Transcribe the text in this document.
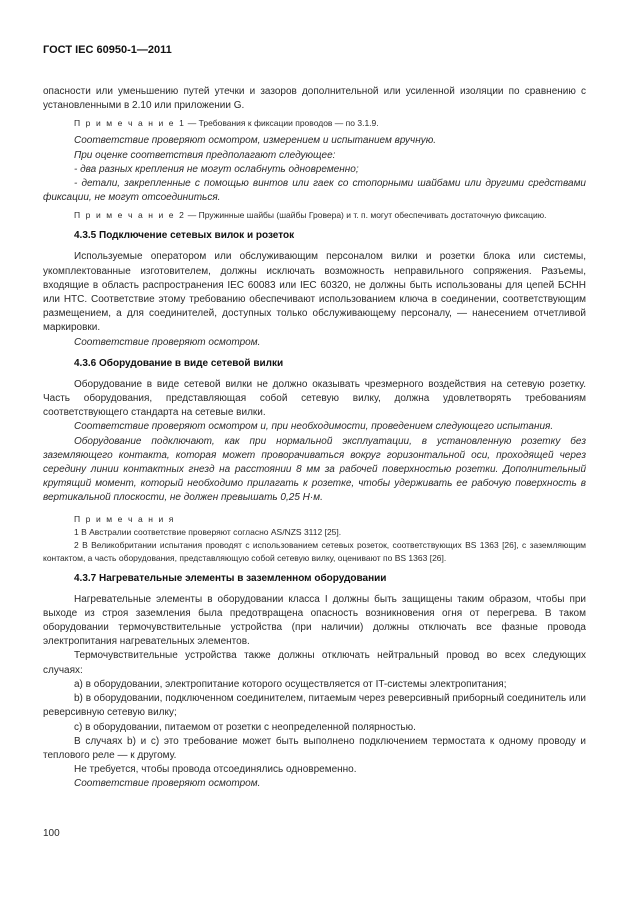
ГОСТ IEC 60950-1—2011

опасности или уменьшению путей утечки и зазоров дополнительной или усиленной изоляции по сравнению с установленными в 2.10 или приложении G.

П р и м е ч а н и е 1 — Требования к фиксации проводов — по 3.1.9.

Соответствие проверяют осмотром, измерением и испытанием вручную.

При оценке соответствия предполагают следующее:

- два разных крепления не могут ослабнуть одновременно;

- детали, закрепленные с помощью винтов или гаек со стопорными шайбами или другими средствами фиксации, не могут отсоединиться.

П р и м е ч а н и е 2 — Пружинные шайбы (шайбы Гровера) и т. п. могут обеспечивать достаточную фиксацию.

4.3.5 Подключение сетевых вилок и розеток

Используемые оператором или обслуживающим персоналом вилки и розетки блока или системы, укомплектованные изготовителем, должны исключать возможность неправильного сопряжения. Разъемы, входящие в область распространения IEC 60083 или IEC 60320, не должны быть использованы для цепей БСНН или НТС. Соответствие этому требованию обеспечивают использованием ключа в соединении, соответствующим размещением, а для соединителей, доступных только обслуживающему персоналу, — нанесением отчетливой маркировки.

Соответствие проверяют осмотром.

4.3.6 Оборудование в виде сетевой вилки

Оборудование в виде сетевой вилки не должно оказывать чрезмерного воздействия на сетевую розетку. Часть оборудования, представляющая собой сетевую вилку, должна удовлетворять требованиям соответствующего стандарта на сетевые вилки.

Соответствие проверяют осмотром и, при необходимости, проведением следующего испытания.

Оборудование подключают, как при нормальной эксплуатации, в установленную розетку без заземляющего контакта, которая может проворачиваться вокруг горизонтальной оси, проходящей через середину линии контактных гнезд на расстоянии 8 мм за рабочей поверхностью розетки. Дополнительный крутящий момент, который необходимо прилагать к розетке, чтобы удерживать ее рабочую поверхность в вертикальной плоскости, не должен превышать 0,25 Н·м.

П р и м е ч а н и я

1 В Австралии соответствие проверяют согласно AS/NZS 3112 [25].

2 В Великобритании испытания проводят с использованием сетевых розеток, соответствующих BS 1363 [26], с заземляющим контактом, а часть оборудования, представляющую собой сетевую вилку, оценивают по BS 1363 [26].

4.3.7 Нагревательные элементы в заземленном оборудовании

Нагревательные элементы в оборудовании класса I должны быть защищены таким образом, чтобы при выходе из строя заземления была предотвращена опасность возникновения огня от перегрева. В таком оборудовании термочувствительные устройства (при наличии) должны отключать все фазные провода электропитания нагревательных элементов.

Термочувствительные устройства также должны отключать нейтральный провод во всех следующих случаях:

a) в оборудовании, электропитание которого осуществляется от IT-системы электропитания;

b) в оборудовании, подключенном соединителем, питаемым через реверсивный приборный соединитель или реверсивную сетевую вилку;

c) в оборудовании, питаемом от розетки с неопределенной полярностью.

В случаях b) и c) это требование может быть выполнено подключением термостата к одному проводу и теплового реле — к другому.

Не требуется, чтобы провода отсоединялись одновременно.

Соответствие проверяют осмотром.

100
